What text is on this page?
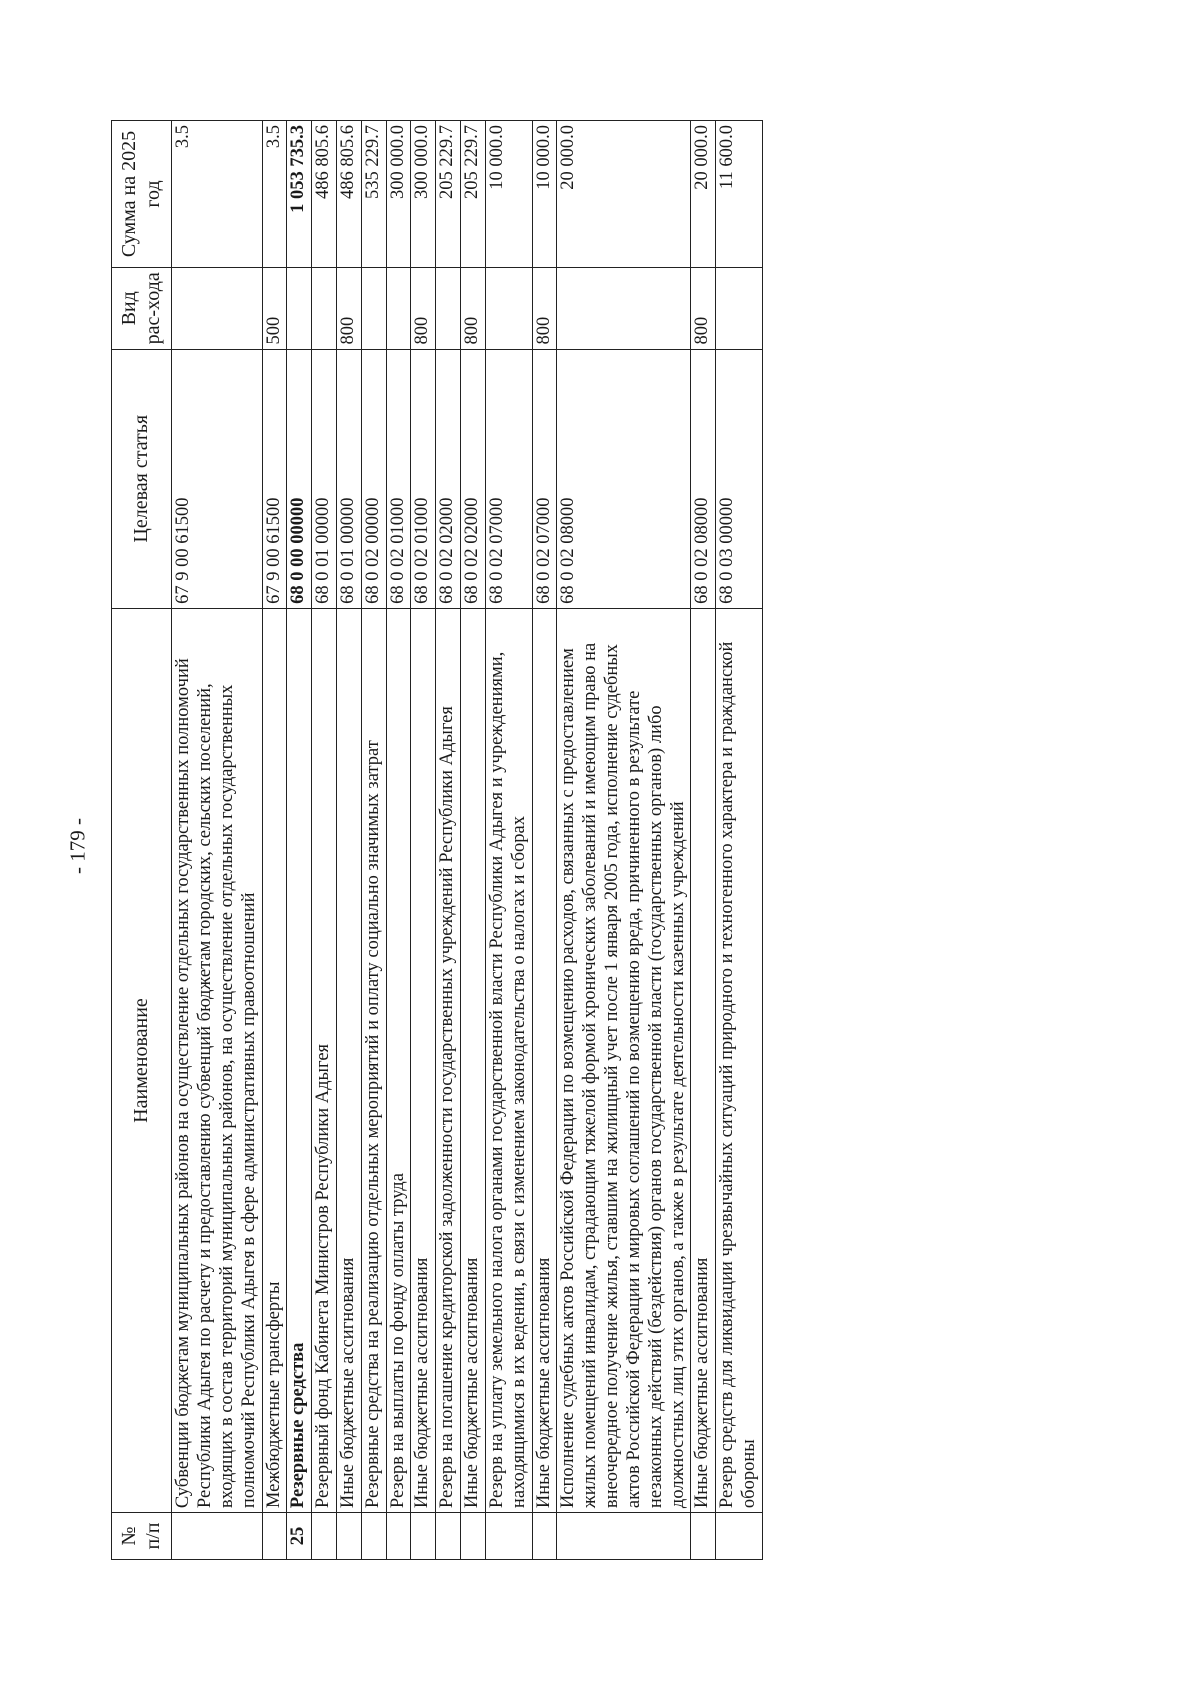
- 179 -
№ п/п	Наименование	Целевая статья	Вид рас-хода	Сумма на 2025 год
	Субвенции бюджетам муниципальных районов на осуществление отдельных государственных полномочий Республики Адыгея по расчету и предоставлению субвенций бюджетам городских, сельских поселений, входящих в состав территорий муниципальных районов, на осуществление отдельных государственных полномочий Республики Адыгея в сфере административных правоотношений	67 9 00 61500		3.5
	Межбюджетные трансферты	67 9 00 61500	500	3.5
25	Резервные средства	68 0 00 00000		1 053 735.3
	Резервный фонд Кабинета Министров Республики Адыгея	68 0 01 00000		486 805.6
	Иные бюджетные ассигнования	68 0 01 00000	800	486 805.6
	Резервные средства на реализацию отдельных мероприятий и оплату социально значимых затрат	68 0 02 00000		535 229.7
	Резерв на выплаты по фонду оплаты труда	68 0 02 01000		300 000.0
	Иные бюджетные ассигнования	68 0 02 01000	800	300 000.0
	Резерв на погашение кредиторской задолженности государственных учреждений Республики Адыгея	68 0 02 02000		205 229.7
	Иные бюджетные ассигнования	68 0 02 02000	800	205 229.7
	Резерв на уплату земельного налога органами государственной власти Республики Адыгея и учреждениями, находящимися в их ведении, в связи с изменением законодательства о налогах и сборах	68 0 02 07000		10 000.0
	Иные бюджетные ассигнования	68 0 02 07000	800	10 000.0
	Исполнение судебных актов Российской Федерации по возмещению расходов, связанных с предоставлением жилых помещений инвалидам, страдающим тяжелой формой хронических заболеваний и имеющим право на внеочередное получение жилья, ставшим на жилищный учет после 1 января 2005 года, исполнение судебных актов Российской Федерации и мировых соглашений по возмещению вреда, причиненного в результате незаконных действий (бездействия) органов государственной власти (государственных органов) либо должностных лиц этих органов, а также в результате деятельности казенных учреждений	68 0 02 08000		20 000.0
	Иные бюджетные ассигнования	68 0 02 08000	800	20 000.0
	Резерв средств для ликвидации чрезвычайных ситуаций природного и техногенного характера и гражданской обороны	68 0 03 00000		11 600.0
